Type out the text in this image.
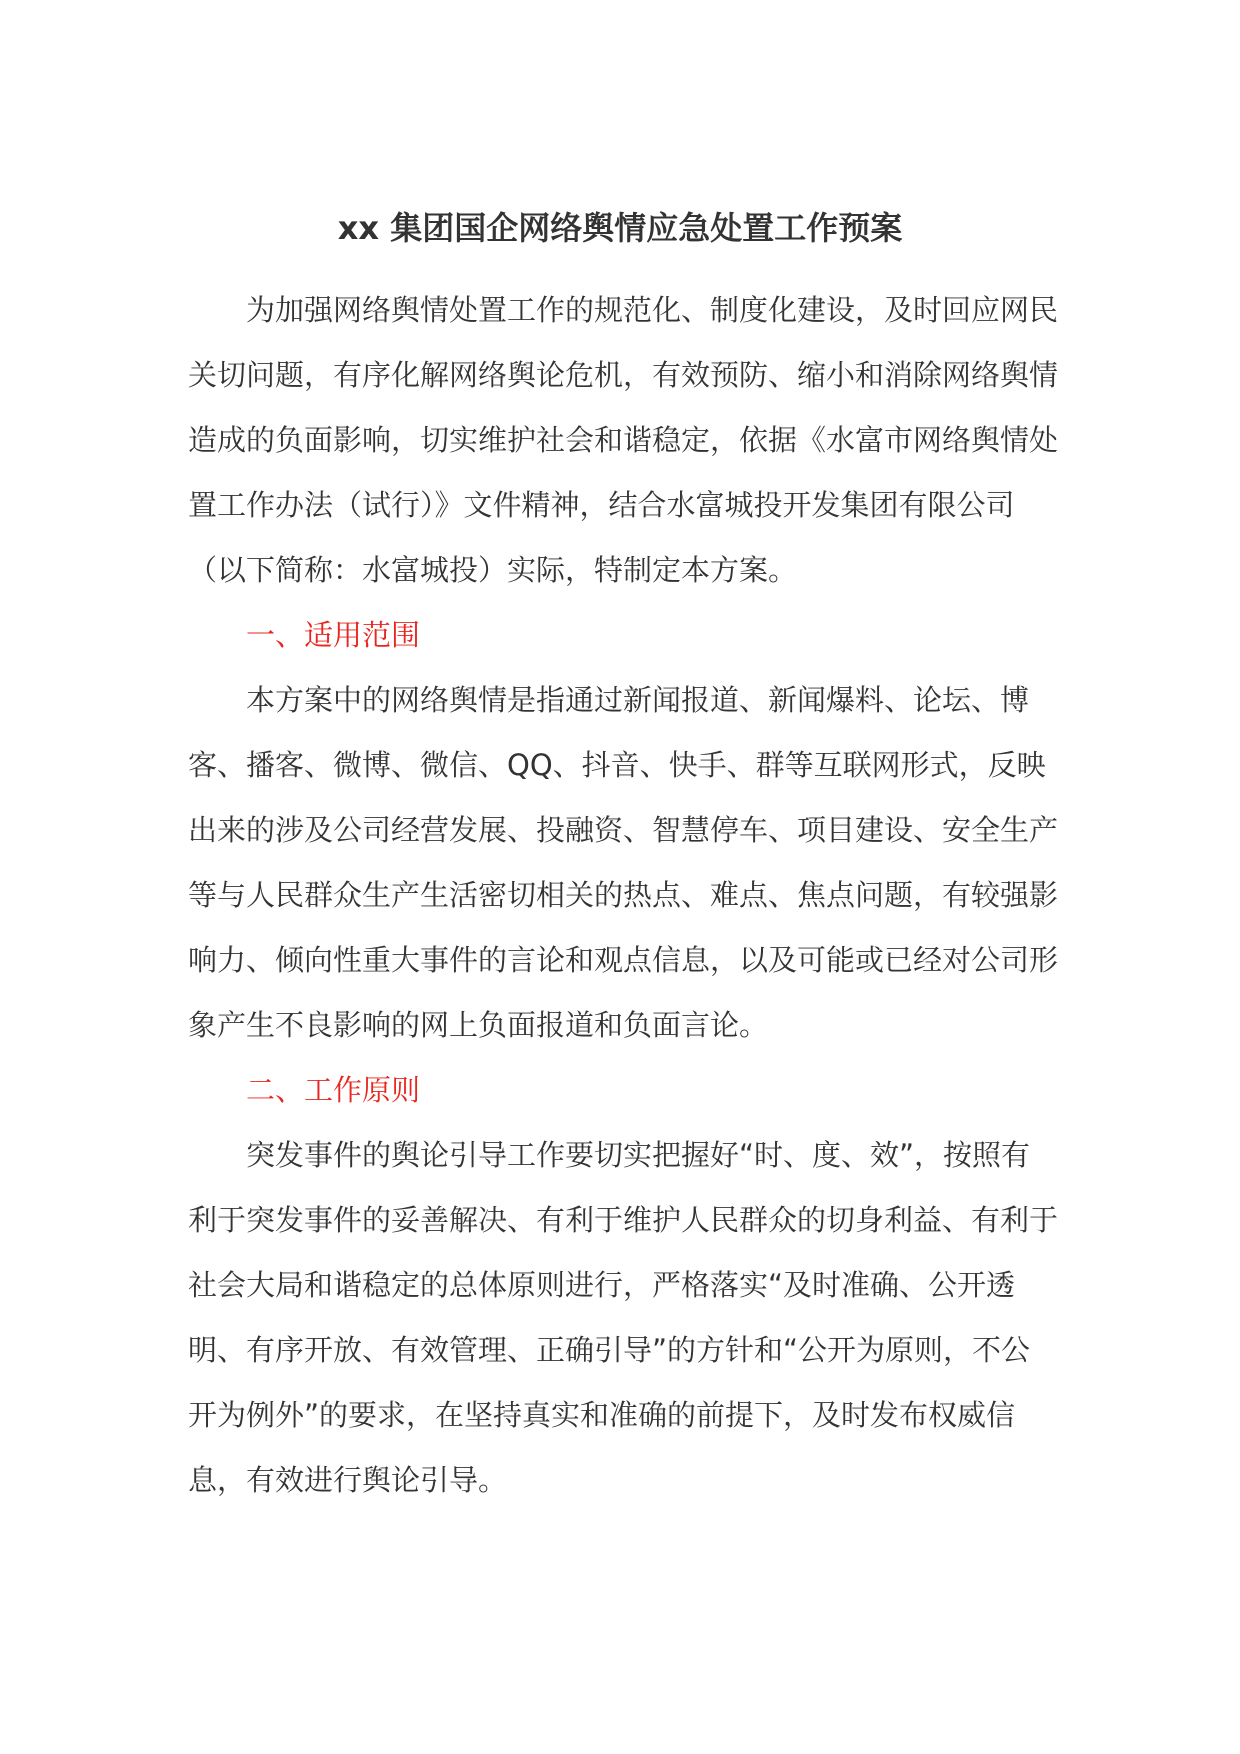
xx 集团国企网络舆情应急处置工作预案

为加强网络舆情处置工作的规范化、制度化建设，及时回应网民关切问题，有序化解网络舆论危机，有效预防、缩小和消除网络舆情造成的负面影响，切实维护社会和谐稳定，依据《水富市网络舆情处置工作办法（试行）》文件精神，结合水富城投开发集团有限公司（以下简称：水富城投）实际，特制定本方案。

一、适用范围

本方案中的网络舆情是指通过新闻报道、新闻爆料、论坛、博客、播客、微博、微信、QQ、抖音、快手、群等互联网形式，反映出来的涉及公司经营发展、投融资、智慧停车、项目建设、安全生产等与人民群众生产生活密切相关的热点、难点、焦点问题，有较强影响力、倾向性重大事件的言论和观点信息，以及可能或已经对公司形象产生不良影响的网上负面报道和负面言论。

二、工作原则

突发事件的舆论引导工作要切实把握好“时、度、效”，按照有利于突发事件的妥善解决、有利于维护人民群众的切身利益、有利于社会大局和谐稳定的总体原则进行，严格落实“及时准确、公开透明、有序开放、有效管理、正确引导”的方针和“公开为原则，不公开为例外”的要求，在坚持真实和准确的前提下，及时发布权威信息，有效进行舆论引导。
